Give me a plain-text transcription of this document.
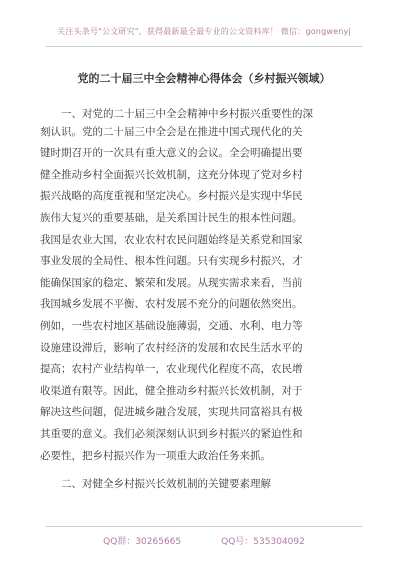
关注头条号"公文研究"，获得最新最全最专业的公文资料库！ 微信：gongwenyj
党的二十届三中全会精神心得体会（乡村振兴领域）
一、对党的二十届三中全会精神中乡村振兴重要性的深
刻认识。党的二十届三中全会是在推进中国式现代化的关
键时期召开的一次具有重大意义的会议。全会明确提出要
健全推动乡村全面振兴长效机制，这充分体现了党对乡村
振兴战略的高度重视和坚定决心。乡村振兴是实现中华民
族伟大复兴的重要基础，是关系国计民生的根本性问题。
我国是农业大国，农业农村农民问题始终是关系党和国家
事业发展的全局性、根本性问题。只有实现乡村振兴，才
能确保国家的稳定、繁荣和发展。从现实需求来看，当前
我国城乡发展不平衡、农村发展不充分的问题依然突出。
例如，一些农村地区基础设施薄弱，交通、水利、电力等
设施建设滞后，影响了农村经济的发展和农民生活水平的
提高；农村产业结构单一，农业现代化程度不高，农民增
收渠道有限等。因此，健全推动乡村振兴长效机制，对于
解决这些问题，促进城乡融合发展，实现共同富裕具有极
其重要的意义。我们必须深刻认识到乡村振兴的紧迫性和
必要性，把乡村振兴作为一项重大政治任务来抓。
二、对健全乡村振兴长效机制的关键要素理解
QQ群：30265665	QQ号：535304092
